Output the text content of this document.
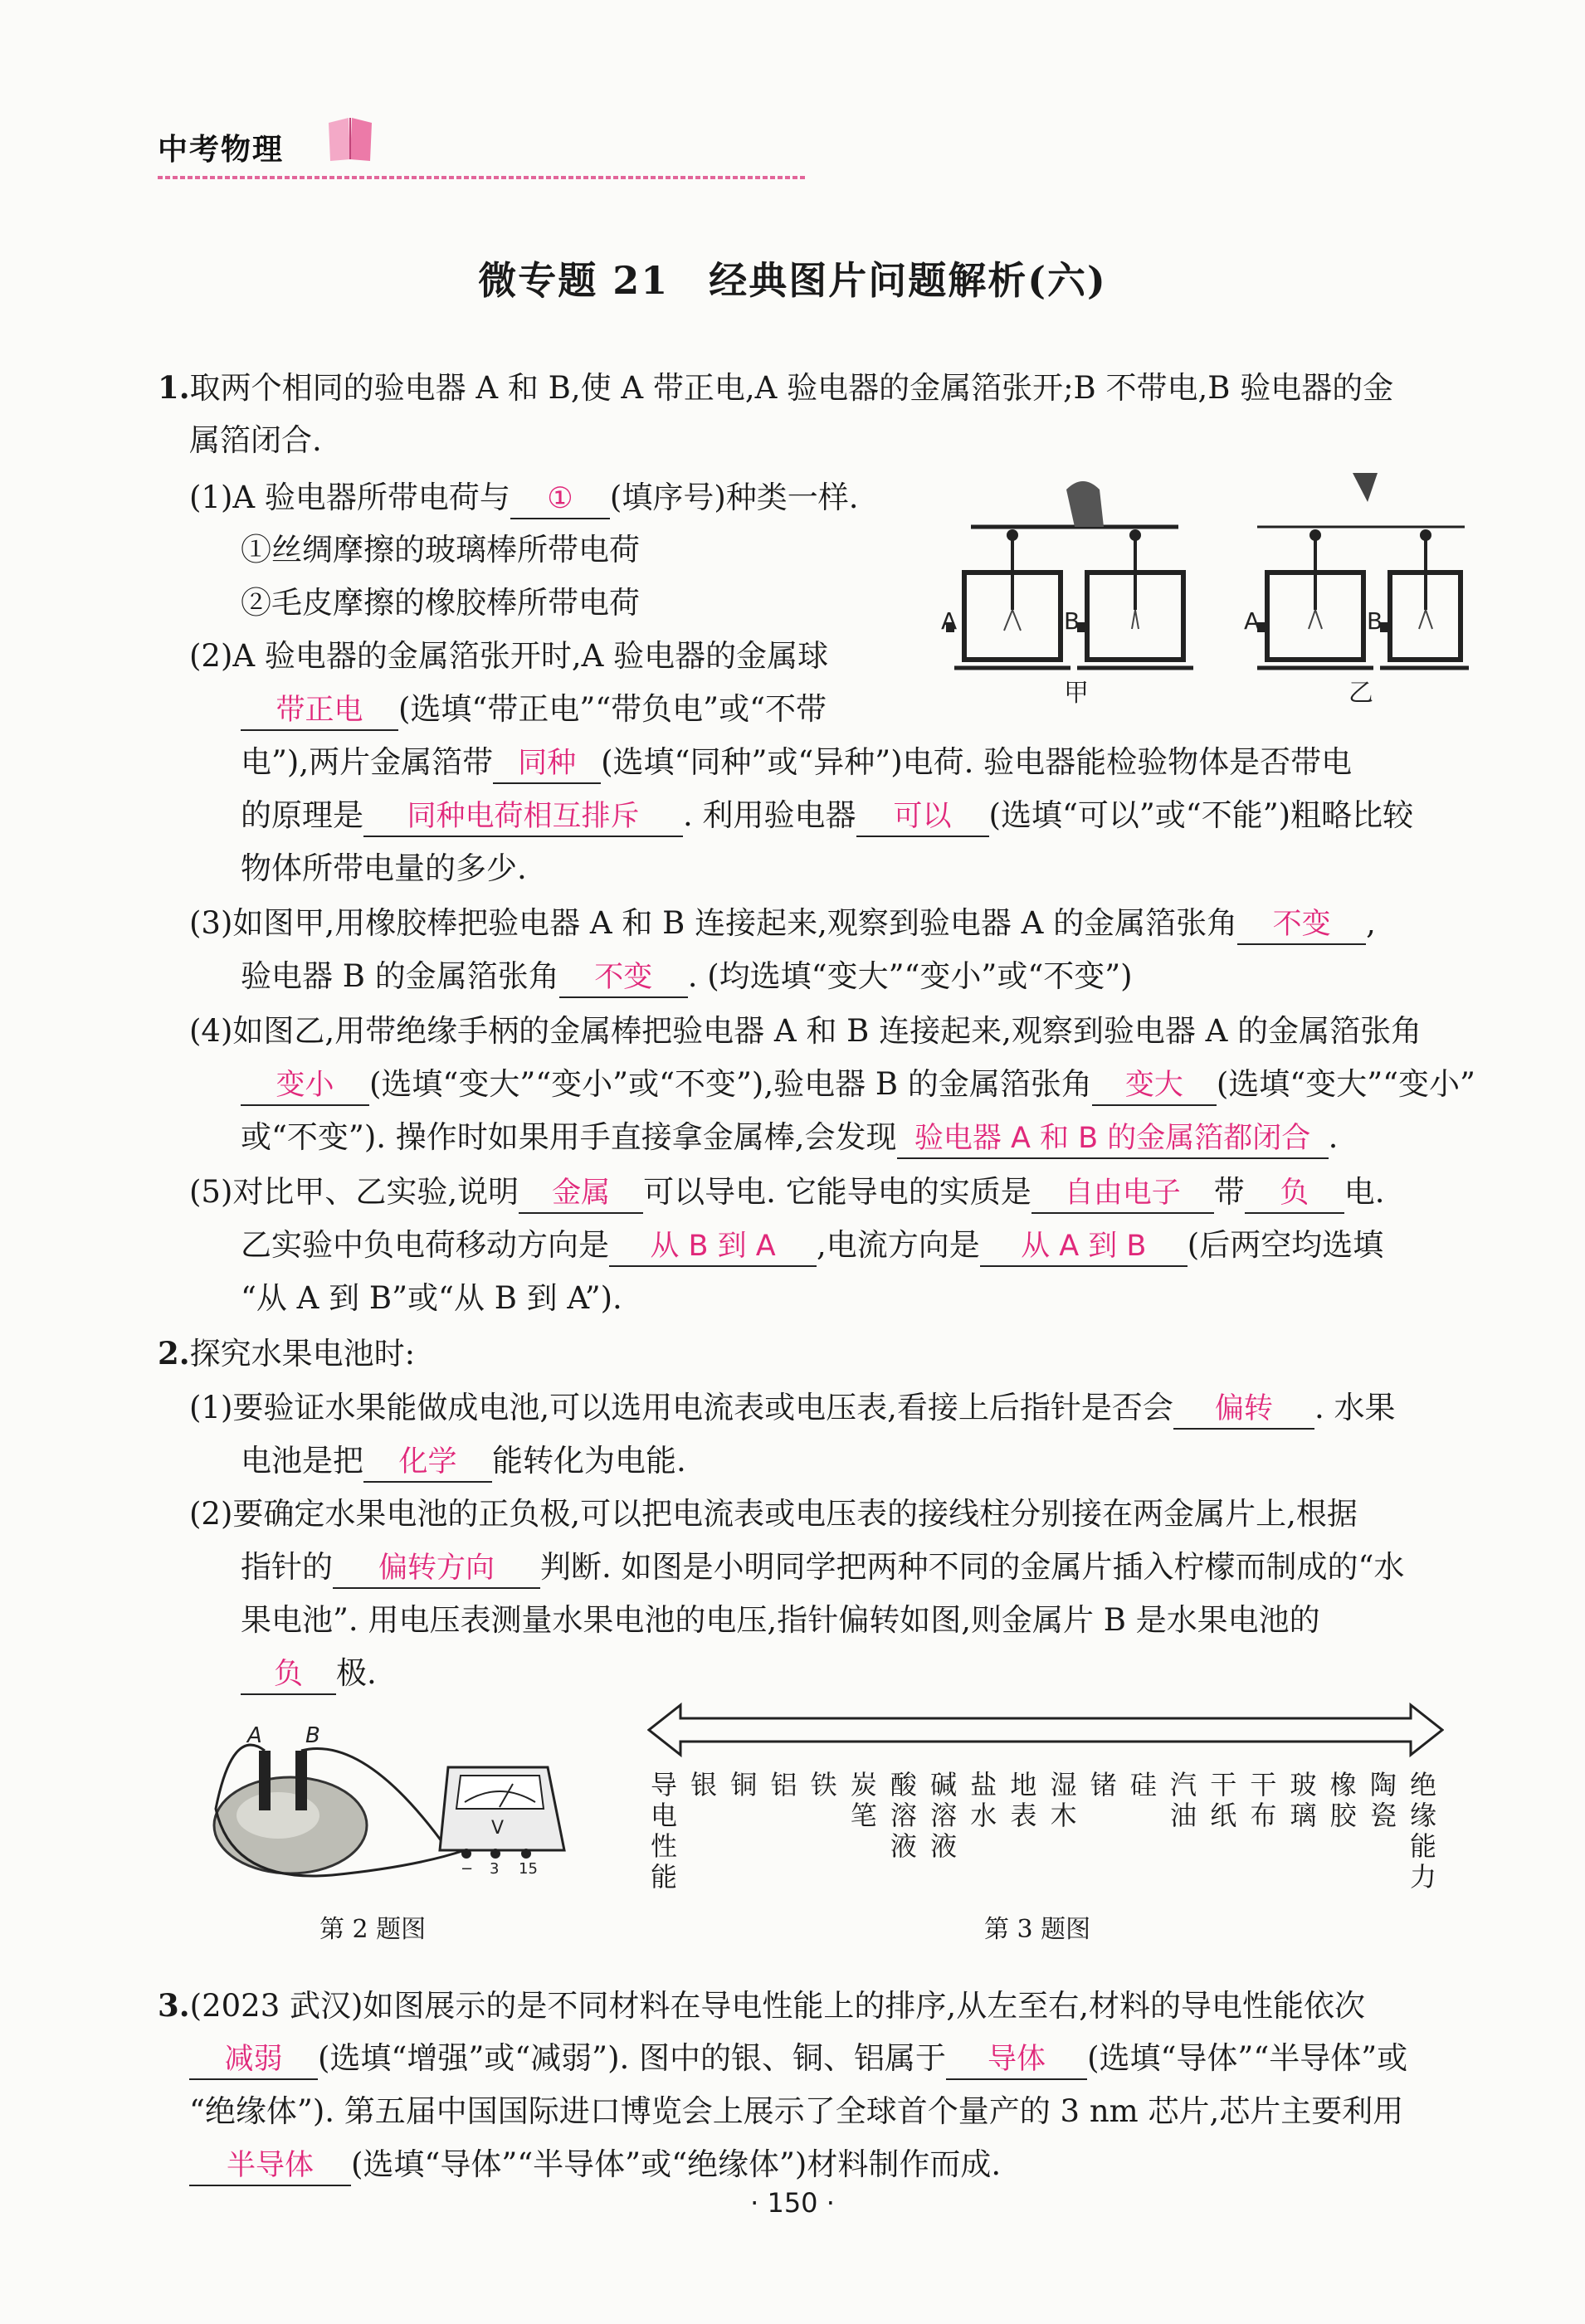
中考物理
微专题 21　经典图片问题解析(六)
1.取两个相同的验电器 A 和 B,使 A 带正电,A 验电器的金属箔张开;B 不带电,B 验电器的金
属箔闭合.
(1)A 验电器所带电荷与 ① (填序号)种类一样.
①丝绸摩擦的玻璃棒所带电荷
②毛皮摩擦的橡胶棒所带电荷
(2)A 验电器的金属箔张开时,A 验电器的金属球
带正电 (选填“带正电”“带负电”或“不带
电”),两片金属箔带 同种 (选填“同种”或“异种”)电荷. 验电器能检验物体是否带电
的原理是 同种电荷相互排斥 . 利用验电器 可以 (选填“可以”或“不能”)粗略比较
物体所带电量的多少.
(3)如图甲,用橡胶棒把验电器 A 和 B 连接起来,观察到验电器 A 的金属箔张角 不变 ,
验电器 B 的金属箔张角 不变 . (均选填“变大”“变小”或“不变”)
(4)如图乙,用带绝缘手柄的金属棒把验电器 A 和 B 连接起来,观察到验电器 A 的金属箔张角
变小 (选填“变大”“变小”或“不变”),验电器 B 的金属箔张角 变大 (选填“变大”“变小”
或“不变”). 操作时如果用手直接拿金属棒,会发现 验电器 A 和 B 的金属箔都闭合 .
(5)对比甲、乙实验,说明 金属 可以导电. 它能导电的实质是 自由电子 带 负 电.
乙实验中负电荷移动方向是 从 B 到 A ,电流方向是 从 A 到 B (后两空均选填
“从 A 到 B”或“从 B 到 A”).
A	B	A	B
甲	乙
2.探究水果电池时:
(1)要验证水果能做成电池,可以选用电流表或电压表,看接上后指针是否会 偏转 . 水果
电池是把 化学 能转化为电能.
(2)要确定水果电池的正负极,可以把电流表或电压表的接线柱分别接在两金属片上,根据
指针的 偏转方向 判断. 如图是小明同学把两种不同的金属片插入柠檬而制成的“水
果电池”. 用电压表测量水果电池的电压,指针偏转如图,则金属片 B 是水果电池的
负 极.
A B
V
− 3 15
第 2 题图
导
电
性
能
银 铜 铝 铁 炭
笔
酸
溶
液
碱
溶
液
盐
水
地
表
湿
木
锗 硅 汽
油
干
纸
干
布
玻
璃
橡
胶
陶
瓷
绝
缘
能
力
第 3 题图
3.(2023 武汉)如图展示的是不同材料在导电性能上的排序,从左至右,材料的导电性能依次
减弱 (选填“增强”或“减弱”). 图中的银、铜、铝属于 导体 (选填“导体”“半导体”或
“绝缘体”). 第五届中国国际进口博览会上展示了全球首个量产的 3 nm 芯片,芯片主要利用
半导体 (选填“导体”“半导体”或“绝缘体”)材料制作而成.
· 150 ·
